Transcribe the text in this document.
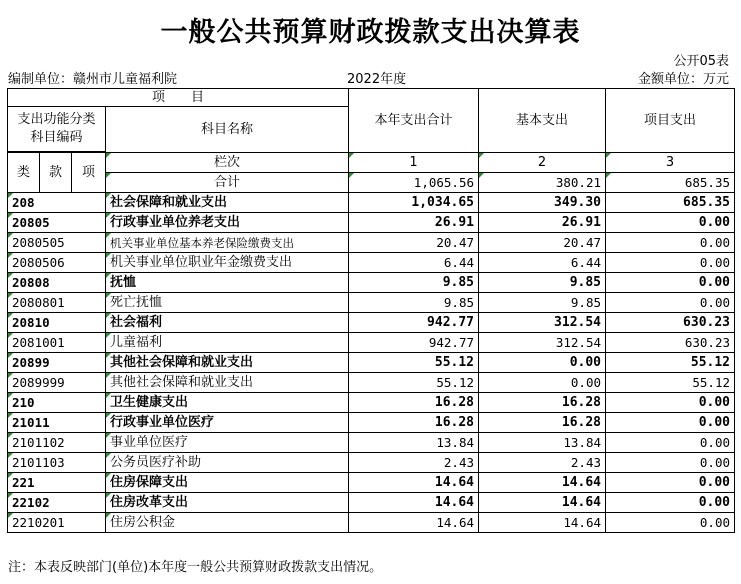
一般公共预算财政拨款支出决算表
公开05表
编制单位：赣州市儿童福利院	2022年度	金额单位：万元
项　　目				本年支出合计	基本支出	项目支出
支出功能分类
科目编码			科目名称			

类	款	项	栏次	1	2	3
			合计	1,065.56	380.21	685.35
208			社会保障和就业支出	1,034.65	349.30	685.35
20805			行政事业单位养老支出	26.91	26.91	0.00
2080505			机关事业单位基本养老保险缴费支出	20.47	20.47	0.00
2080506			机关事业单位职业年金缴费支出	6.44	6.44	0.00
20808			抚恤	9.85	9.85	0.00
2080801			死亡抚恤	9.85	9.85	0.00
20810			社会福利	942.77	312.54	630.23
2081001			儿童福利	942.77	312.54	630.23
20899			其他社会保障和就业支出	55.12	0.00	55.12
2089999			其他社会保障和就业支出	55.12	0.00	55.12
210			卫生健康支出	16.28	16.28	0.00
21011			行政事业单位医疗	16.28	16.28	0.00
2101102			事业单位医疗	13.84	13.84	0.00
2101103			公务员医疗补助	2.43	2.43	0.00
221			住房保障支出	14.64	14.64	0.00
22102			住房改革支出	14.64	14.64	0.00
2210201			住房公积金	14.64	14.64	0.00
注：本表反映部门(单位)本年度一般公共预算财政拨款支出情况。
